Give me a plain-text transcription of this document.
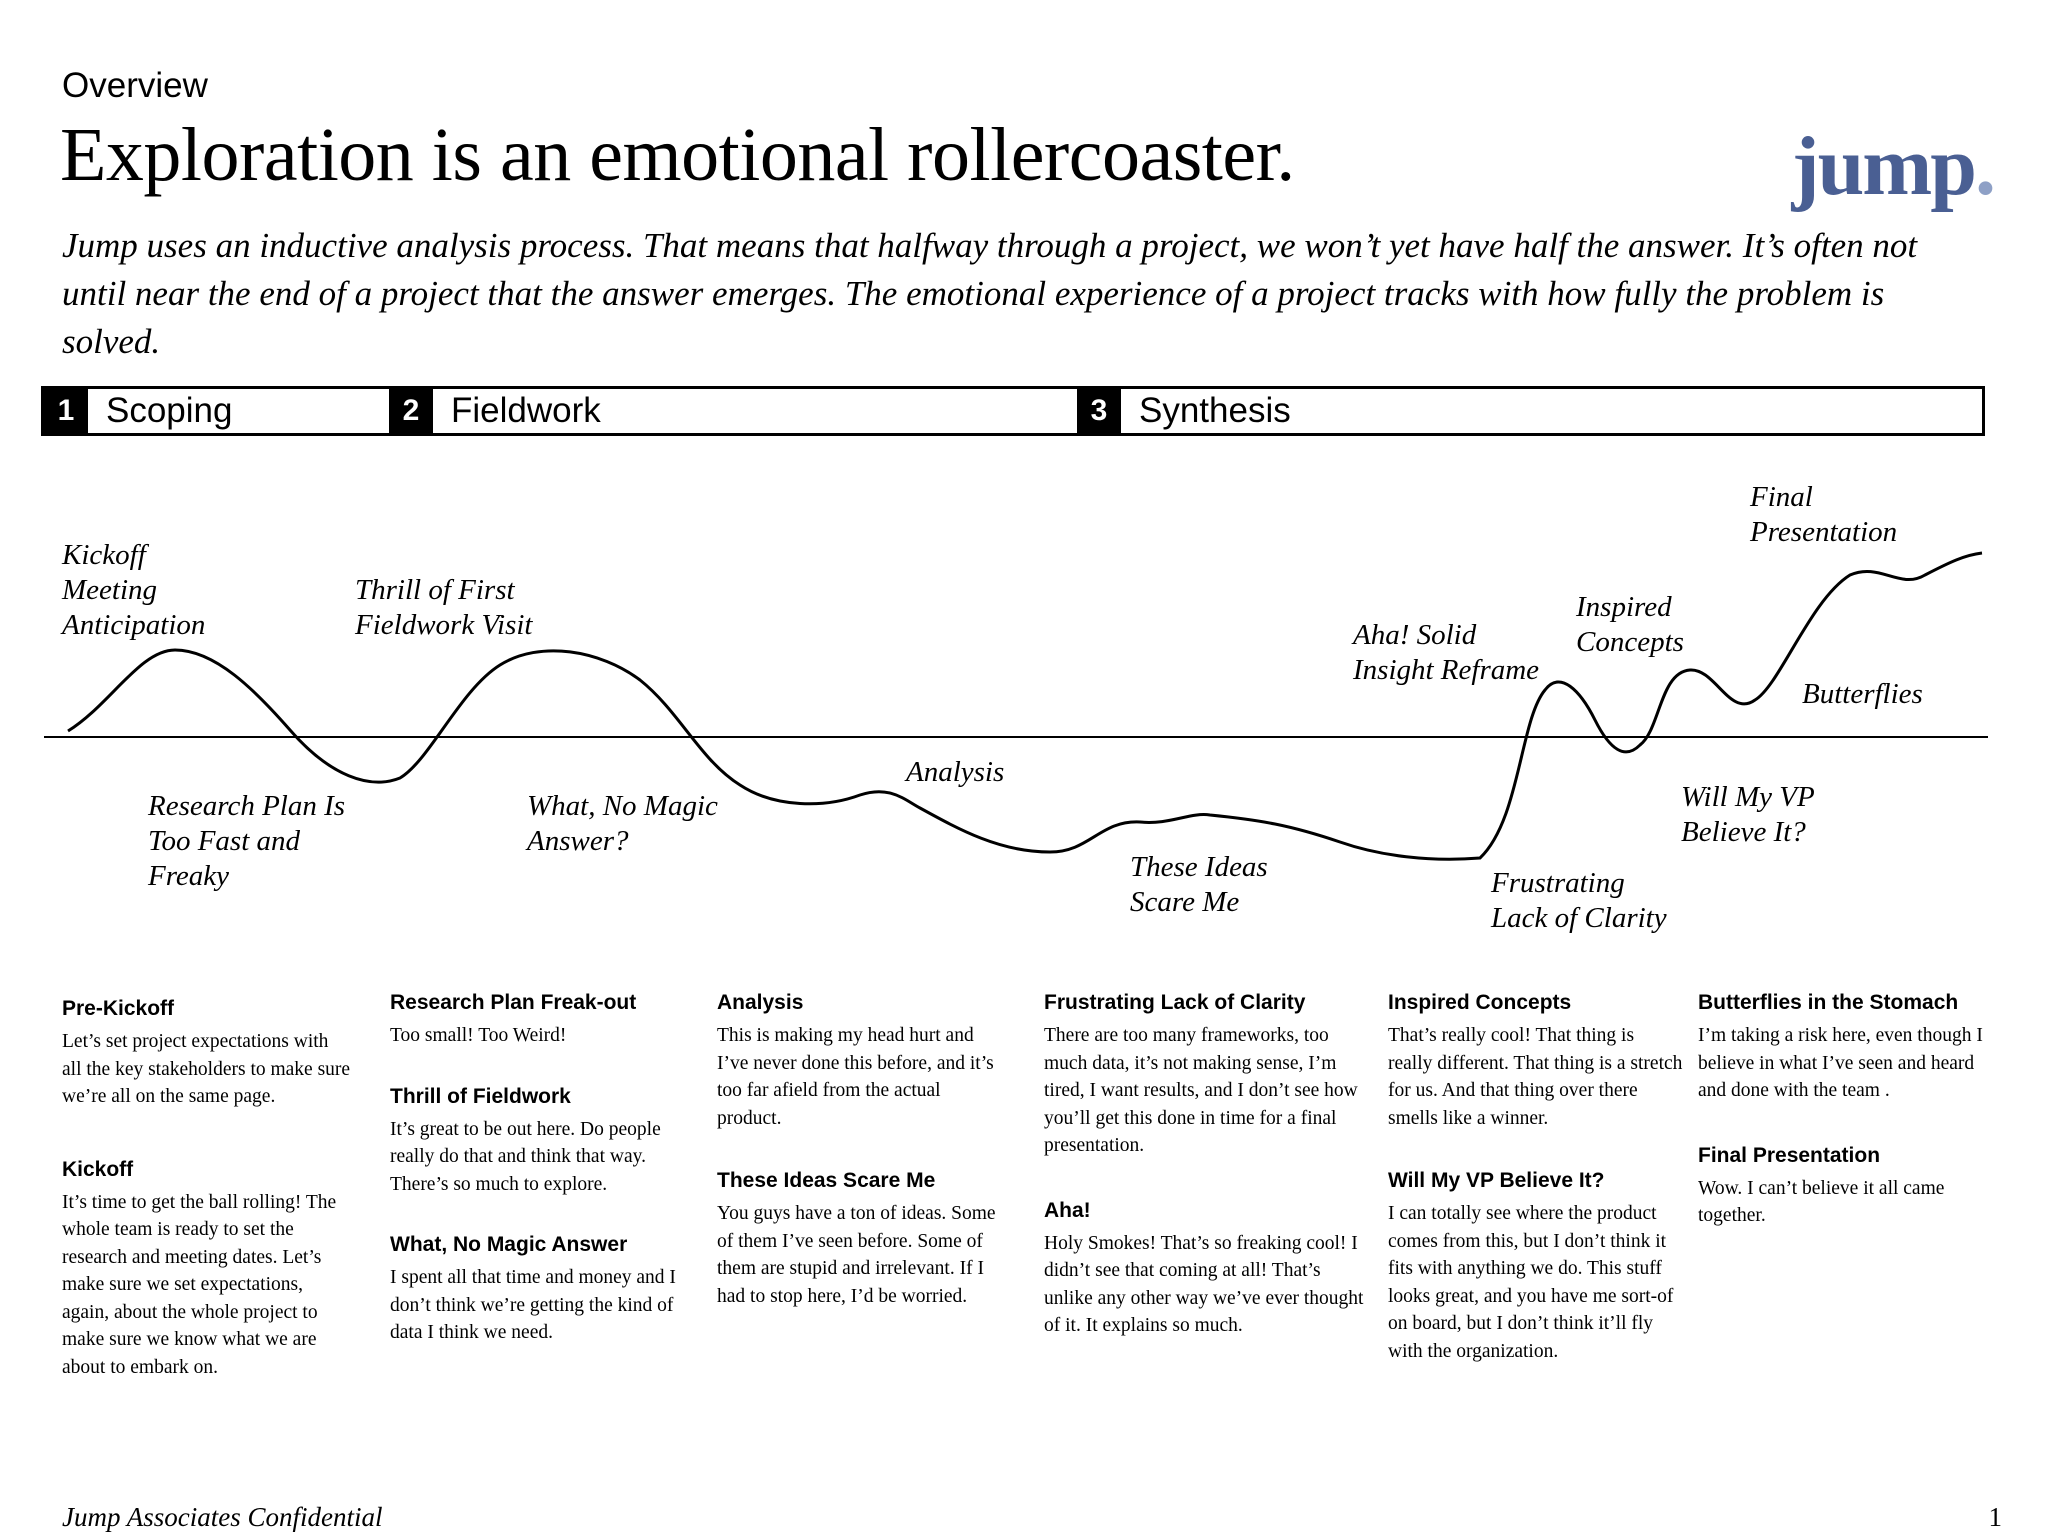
Overview
Exploration is an emotional rollercoaster.	jump.
Jump uses an inductive analysis process. That means that halfway through a project, we won’t yet have half the answer. It’s often not until near the end of a project that the answer emerges. The emotional experience of a project tracks with how fully the problem is solved.
1 Scoping	2 Fieldwork	3 Synthesis
Kickoff
Meeting
Anticipation
Research Plan Is
Too Fast and
Freaky
Thrill of First
Fieldwork Visit
What, No Magic
Answer?
Analysis
These Ideas
Scare Me
Aha! Solid
Insight Reframe
Frustrating
Lack of Clarity
Inspired
Concepts
Will My VP
Believe It?
Butterflies
Final
Presentation
Pre-Kickoff

Let’s set project expectations with all the key stakeholders to make sure we’re all on the same page.

Kickoff

It’s time to get the ball rolling! The whole team is ready to set the research and meeting dates. Let’s make sure we set expectations, again, about the whole project to make sure we know what we are about to embark on.

Research Plan Freak-out

Too small! Too Weird!

Thrill of Fieldwork

It’s great to be out here. Do people really do that and think that way. There’s so much to explore.

What, No Magic Answer

I spent all that time and money and I don’t think we’re getting the kind of data I think we need.

Analysis

This is making my head hurt and I’ve never done this before, and it’s too far afield from the actual product.

These Ideas Scare Me

You guys have a ton of ideas. Some of them I’ve seen before. Some of them are stupid and irrelevant. If I had to stop here, I’d be worried.

Frustrating Lack of Clarity

There are too many frameworks, too much data, it’s not making sense, I’m tired, I want results, and I don’t see how you’ll get this done in time for a final presentation.

Aha!

Holy Smokes! That’s so freaking cool! I didn’t see that coming at all! That’s unlike any other way we’ve ever thought of it. It explains so much.

Inspired Concepts

That’s really cool! That thing is really different. That thing is a stretch for us. And that thing over there smells like a winner.

Will My VP Believe It?

I can totally see where the product comes from this, but I don’t think it fits with anything we do. This stuff looks great, and you have me sort-of on board, but I don’t think it’ll fly with the organization.

Butterflies in the Stomach

I’m taking a risk here, even though I believe in what I’ve seen and heard and done with the team .

Final Presentation

Wow. I can’t believe it all came together.

Jump Associates Confidential	1
